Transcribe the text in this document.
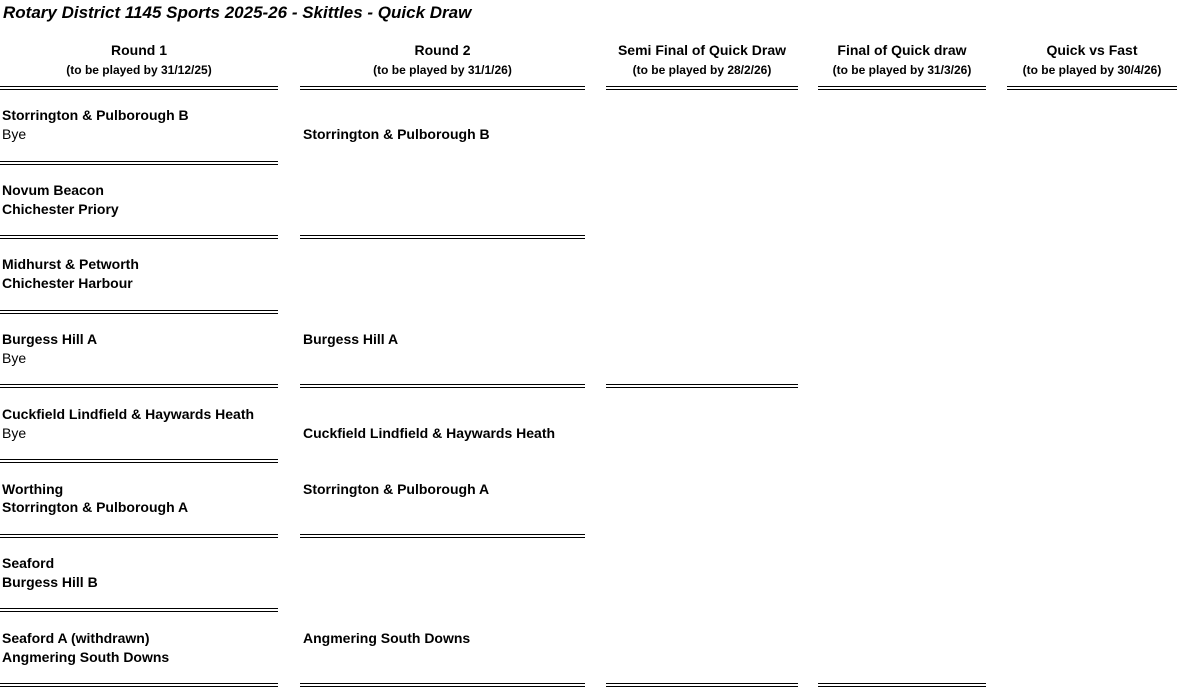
Rotary District 1145 Sports 2025-26 - Skittles - Quick Draw
Round 1
(to be played by 31/12/25)
Round 2
(to be played by 31/1/26)
Semi Final of Quick Draw
(to be played by 28/2/26)
Final of Quick draw
(to be played by 31/3/26)
Quick vs Fast
(to be played by 30/4/26)
Storrington & Pulborough B
Bye
Novum Beacon
Chichester Priory
Midhurst & Petworth
Chichester Harbour
Burgess Hill A
Bye
Cuckfield Lindfield & Haywards Heath
Bye
Worthing
Storrington & Pulborough A
Seaford
Burgess Hill B
Seaford A (withdrawn)
Angmering South Downs
Storrington & Pulborough B
Burgess Hill A
Cuckfield Lindfield & Haywards Heath
Storrington & Pulborough A
Angmering South Downs
